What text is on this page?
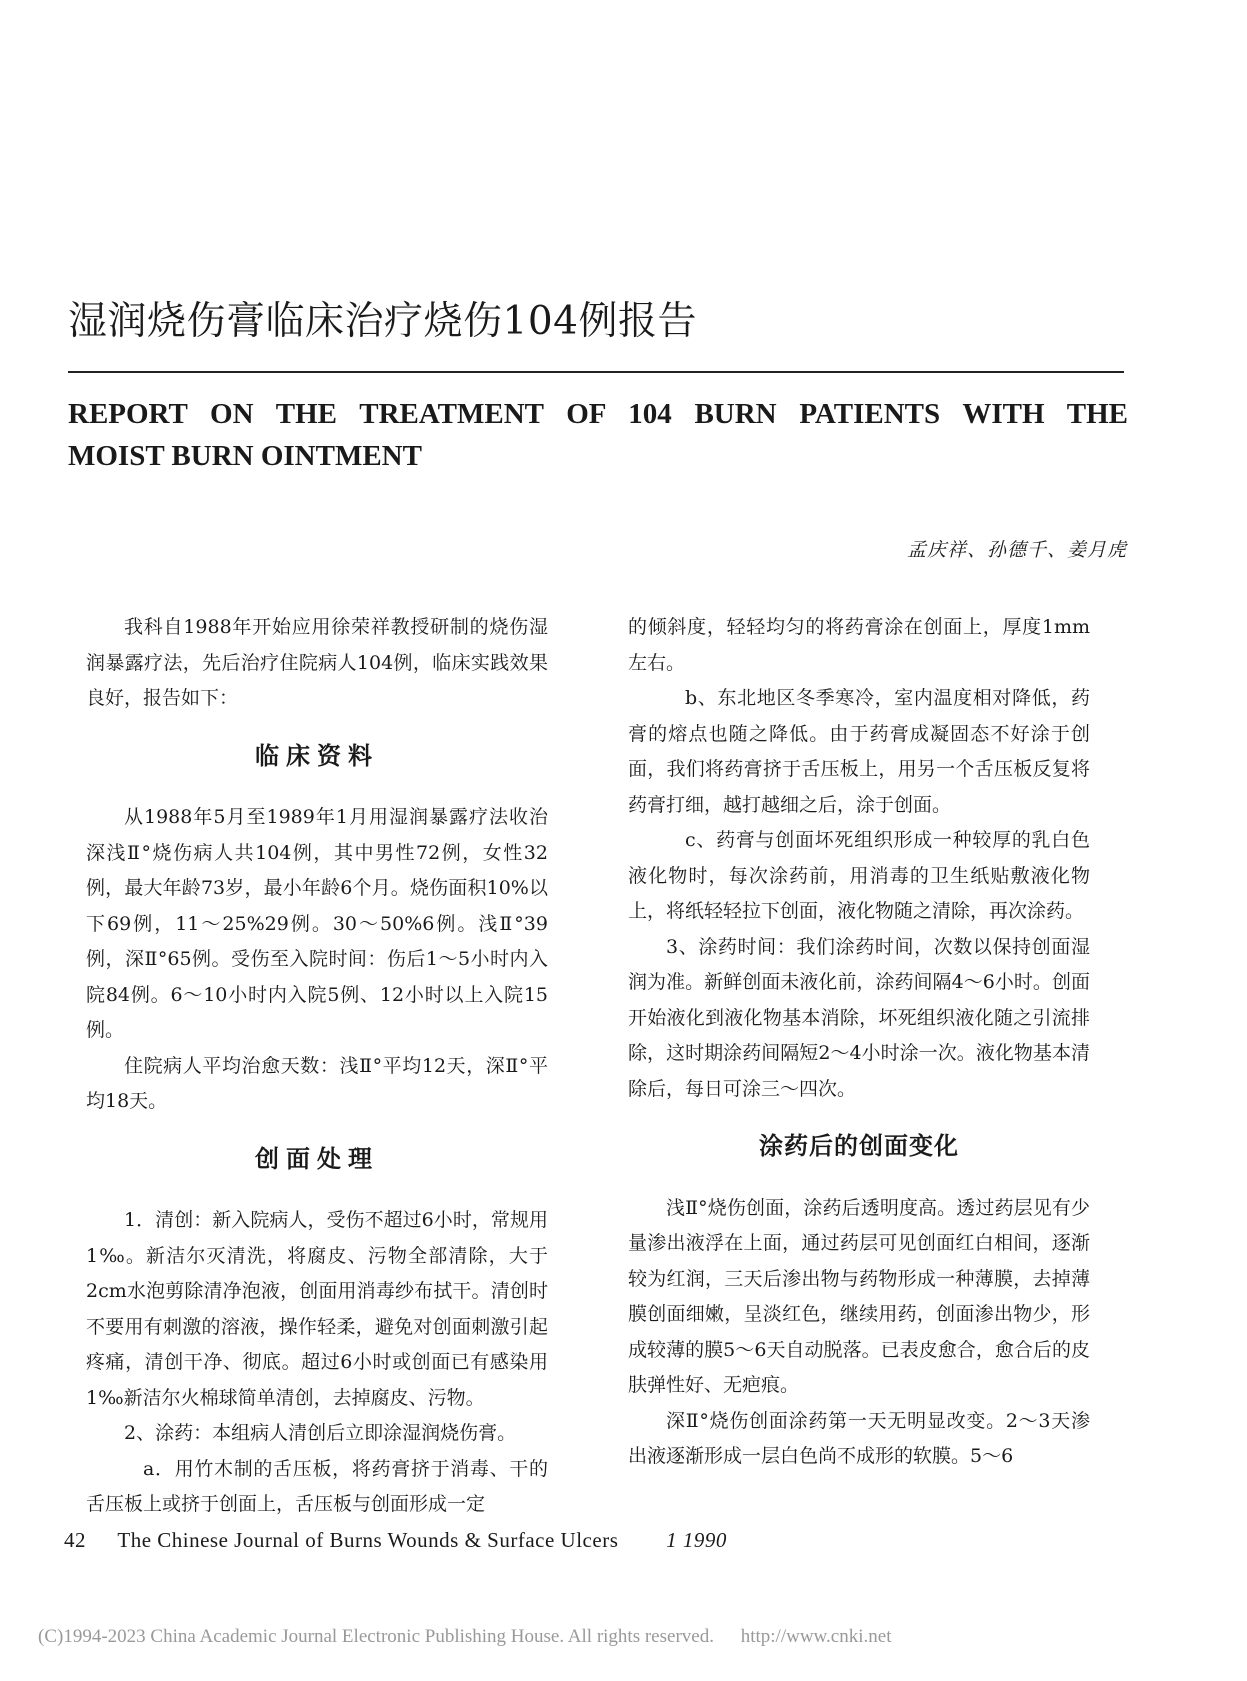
湿润烧伤膏临床治疗烧伤104例报告
REPORT ON THE TREATMENT OF 104 BURN PATIENTS WITH THE
MOIST BURN OINTMENT
孟庆祥、孙德千、姜月虎

我科自1988年开始应用徐荣祥教授研制的烧伤湿润暴露疗法，先后治疗住院病人104例，临床实践效果良好，报告如下：

临床资料

从1988年5月至1989年1月用湿润暴露疗法收治深浅Ⅱ°烧伤病人共104例，其中男性72例，女性32例，最大年龄73岁，最小年龄6个月。烧伤面积10%以下69例，11～25%29例。30～50%6例。浅Ⅱ°39例，深Ⅱ°65例。受伤至入院时间：伤后1～5小时内入院84例。6～10小时内入院5例、12小时以上入院15例。

住院病人平均治愈天数：浅Ⅱ°平均12天，深Ⅱ°平均18天。

创面处理

1．清创：新入院病人，受伤不超过6小时，常规用1‰。新洁尔灭清洗，将腐皮、污物全部清除，大于2cm水泡剪除清净泡液，创面用消毒纱布拭干。清创时不要用有刺激的溶液，操作轻柔，避免对创面刺激引起疼痛，清创干净、彻底。超过6小时或创面已有感染用1‰新洁尔火棉球简单清创，去掉腐皮、污物。

2、涂药：本组病人清创后立即涂湿润烧伤膏。

a．用竹木制的舌压板，将药膏挤于消毒、干的舌压板上或挤于创面上，舌压板与创面形成一定

的倾斜度，轻轻均匀的将药膏涂在创面上，厚度1mm左右。

b、东北地区冬季寒冷，室内温度相对降低，药膏的熔点也随之降低。由于药膏成凝固态不好涂于创面，我们将药膏挤于舌压板上，用另一个舌压板反复将药膏打细，越打越细之后，涂于创面。

c、药膏与创面坏死组织形成一种较厚的乳白色液化物时，每次涂药前，用消毒的卫生纸贴敷液化物上，将纸轻轻拉下创面，液化物随之清除，再次涂药。

3、涂药时间：我们涂药时间，次数以保持创面湿润为准。新鲜创面未液化前，涂药间隔4～6小时。创面开始液化到液化物基本消除，坏死组织液化随之引流排除，这时期涂药间隔短2～4小时涂一次。液化物基本清除后，每日可涂三～四次。

涂药后的创面变化

浅Ⅱ°烧伤创面，涂药后透明度高。透过药层见有少量渗出液浮在上面，通过药层可见创面红白相间，逐渐较为红润，三天后渗出物与药物形成一种薄膜，去掉薄膜创面细嫩，呈淡红色，继续用药，创面渗出物少，形成较薄的膜5～6天自动脱落。已表皮愈合，愈合后的皮肤弹性好、无疤痕。

深Ⅱ°烧伤创面涂药第一天无明显改变。2～3天渗出液逐渐形成一层白色尚不成形的软膜。5～6

42 The Chinese Journal of Burns Wounds & Surface Ulcers 1 1990
(C)1994-2023 China Academic Journal Electronic Publishing House. All rights reserved. http://www.cnki.net
